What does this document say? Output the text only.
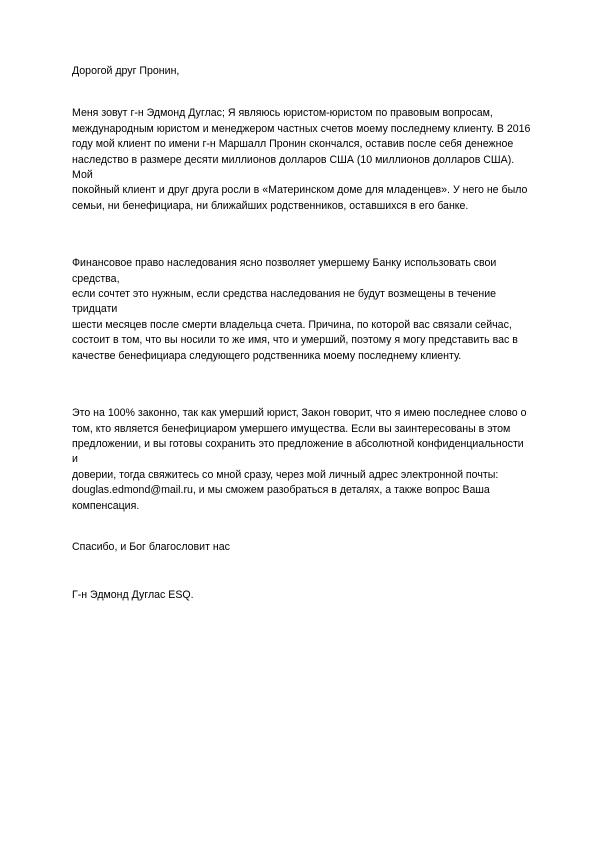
Дорогой друг Пронин,

Меня зовут г-н Эдмонд Дуглас; Я являюсь юристом-юристом по правовым вопросам,
международным юристом и менеджером частных счетов моему последнему клиенту. В 2016
году мой клиент по имени г-н Маршалл Пронин скончался, оставив после себя денежное
наследство в размере десяти миллионов долларов США (10 миллионов долларов США). Мой
покойный клиент и друг друга росли в «Материнском доме для младенцев». У него не было
семьи, ни бенефициара, ни ближайших родственников, оставшихся в его банке.

Финансовое право наследования ясно позволяет умершему Банку использовать свои средства,
если сочтет это нужным, если средства наследования не будут возмещены в течение тридцати
шести месяцев после смерти владельца счета. Причина, по которой вас связали сейчас,
состоит в том, что вы носили то же имя, что и умерший, поэтому я могу представить вас в
качестве бенефициара следующего родственника моему последнему клиенту.

Это на 100% законно, так как умерший юрист, Закон говорит, что я имею последнее слово о
том, кто является бенефициаром умершего имущества. Если вы заинтересованы в этом
предложении, и вы готовы сохранить это предложение в абсолютной конфиденциальности и
доверии, тогда свяжитесь со мной сразу, через мой личный адрес электронной почты:
douglas.edmond@mail.ru, и мы сможем разобраться в деталях, а также вопрос Ваша
компенсация.

Спасибо, и Бог благословит нас

Г-н Эдмонд Дуглас ESQ.
